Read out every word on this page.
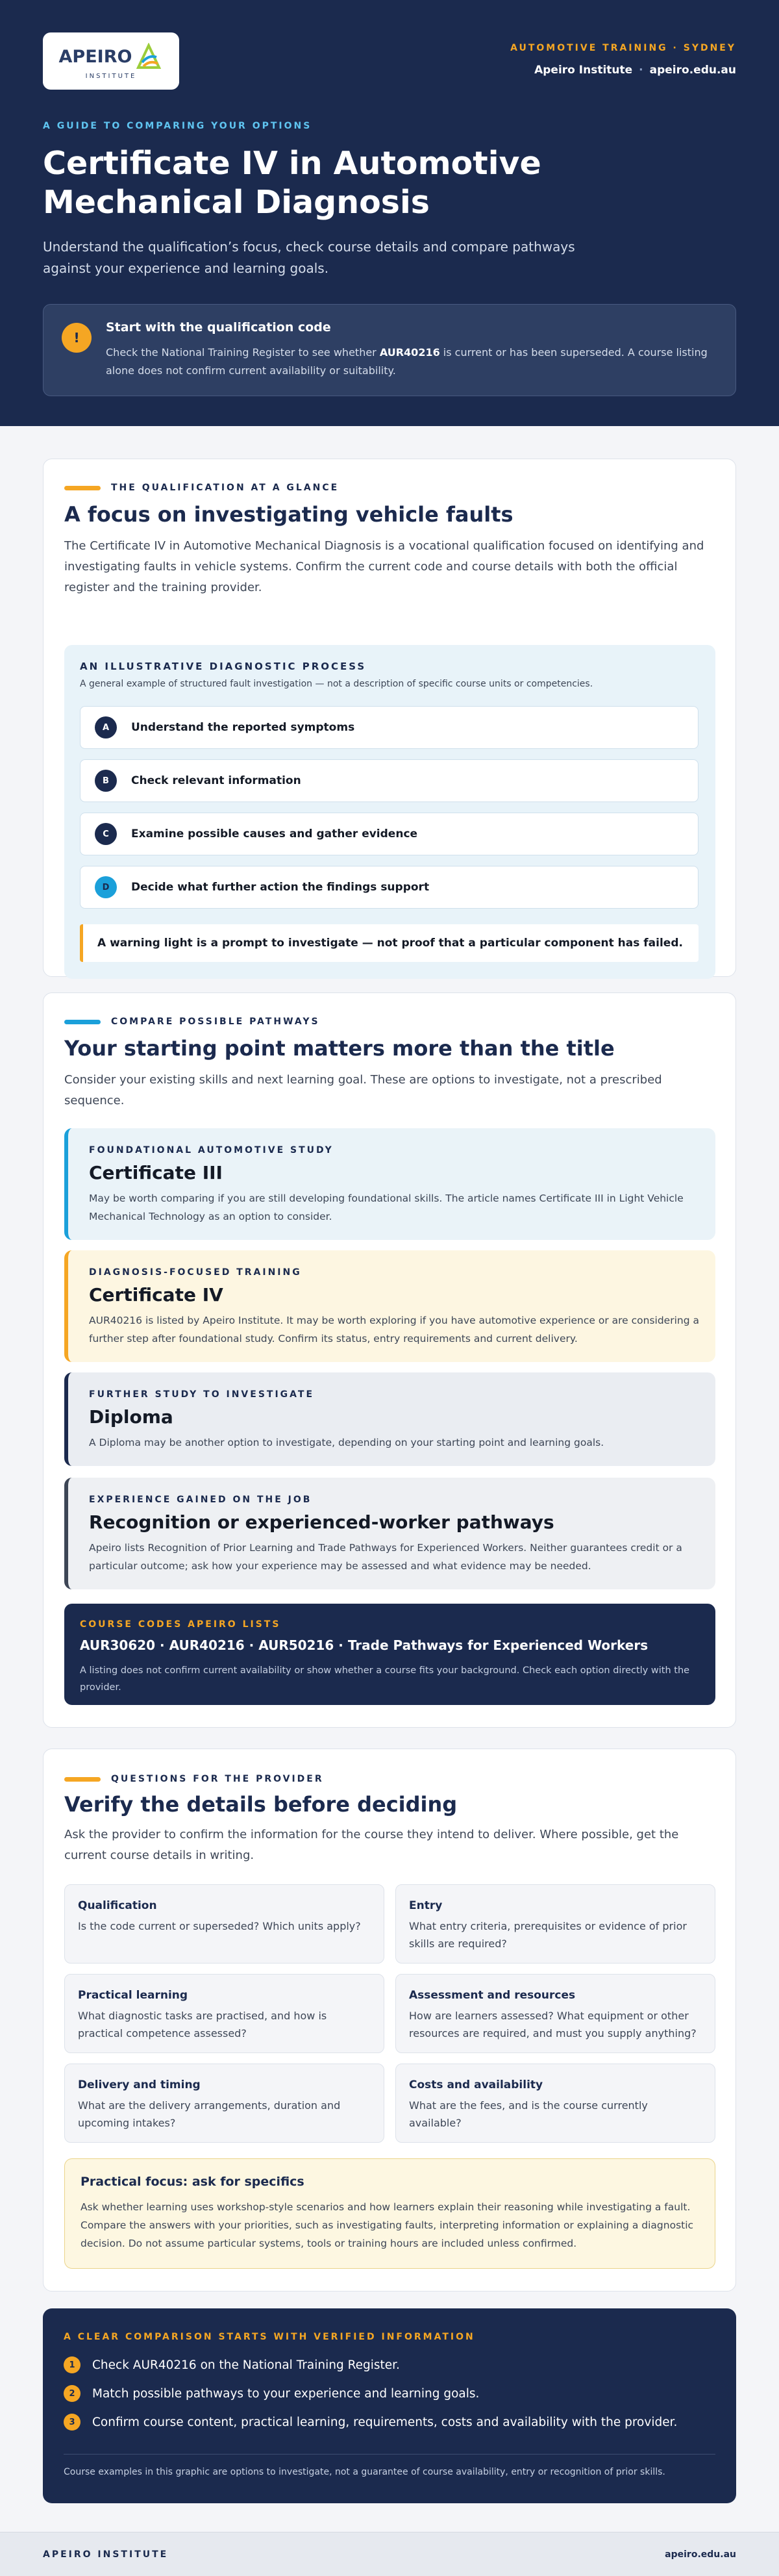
APEIRO
INSTITUTE
AUTOMOTIVE TRAINING · SYDNEY
Apeiro Institute · apeiro.edu.au
A GUIDE TO COMPARING YOUR OPTIONS
Certificate IV in Automotive Mechanical Diagnosis

Understand the qualification’s focus, check course details and compare pathways against your experience and learning goals.

!
Start with the qualification code
Check the National Training Register to see whether AUR40216 is current or has been superseded. A course listing alone does not confirm current availability or suitability.
THE QUALIFICATION AT A GLANCE
A focus on investigating vehicle faults

The Certificate IV in Automotive Mechanical Diagnosis is a vocational qualification focused on identifying and investigating faults in vehicle systems. Confirm the current code and course details with both the official register and the training provider.

AN ILLUSTRATIVE DIAGNOSTIC PROCESS
A general example of structured fault investigation — not a description of specific course units or competencies.
A	Understand the reported symptoms
B	Check relevant information
C	Examine possible causes and gather evidence
D	Decide what further action the findings support
A warning light is a prompt to investigate — not proof that a particular component has failed.
COMPARE POSSIBLE PATHWAYS
Your starting point matters more than the title

Consider your existing skills and next learning goal. These are options to investigate, not a prescribed sequence.

FOUNDATIONAL AUTOMOTIVE STUDY
Certificate III
May be worth comparing if you are still developing foundational skills. The article names Certificate III in Light Vehicle Mechanical Technology as an option to consider.
DIAGNOSIS-FOCUSED TRAINING
Certificate IV
AUR40216 is listed by Apeiro Institute. It may be worth exploring if you have automotive experience or are considering a further step after foundational study. Confirm its status, entry requirements and current delivery.
FURTHER STUDY TO INVESTIGATE
Diploma
A Diploma may be another option to investigate, depending on your starting point and learning goals.
EXPERIENCE GAINED ON THE JOB
Recognition or experienced-worker pathways
Apeiro lists Recognition of Prior Learning and Trade Pathways for Experienced Workers. Neither guarantees credit or a particular outcome; ask how your experience may be assessed and what evidence may be needed.
COURSE CODES APEIRO LISTS
AUR30620 · AUR40216 · AUR50216 · Trade Pathways for Experienced Workers
A listing does not confirm current availability or show whether a course fits your background. Check each option directly with the provider.
QUESTIONS FOR THE PROVIDER
Verify the details before deciding

Ask the provider to confirm the information for the course they intend to deliver. Where possible, get the current course details in writing.

Qualification
Is the code current or superseded? Which units apply?
Entry
What entry criteria, prerequisites or evidence of prior skills are required?
Practical learning
What diagnostic tasks are practised, and how is practical competence assessed?
Assessment and resources
How are learners assessed? What equipment or other resources are required, and must you supply anything?
Delivery and timing
What are the delivery arrangements, duration and upcoming intakes?
Costs and availability
What are the fees, and is the course currently available?
Practical focus: ask for specifics
Ask whether learning uses workshop-style scenarios and how learners explain their reasoning while investigating a fault. Compare the answers with your priorities, such as investigating faults, interpreting information or explaining a diagnostic decision. Do not assume particular systems, tools or training hours are included unless confirmed.
A CLEAR COMPARISON STARTS WITH VERIFIED INFORMATION
1	Check AUR40216 on the National Training Register.
2	Match possible pathways to your experience and learning goals.
3	Confirm course content, practical learning, requirements, costs and availability with the provider.
Course examples in this graphic are options to investigate, not a guarantee of course availability, entry or recognition of prior skills.
APEIRO INSTITUTE	apeiro.edu.au
